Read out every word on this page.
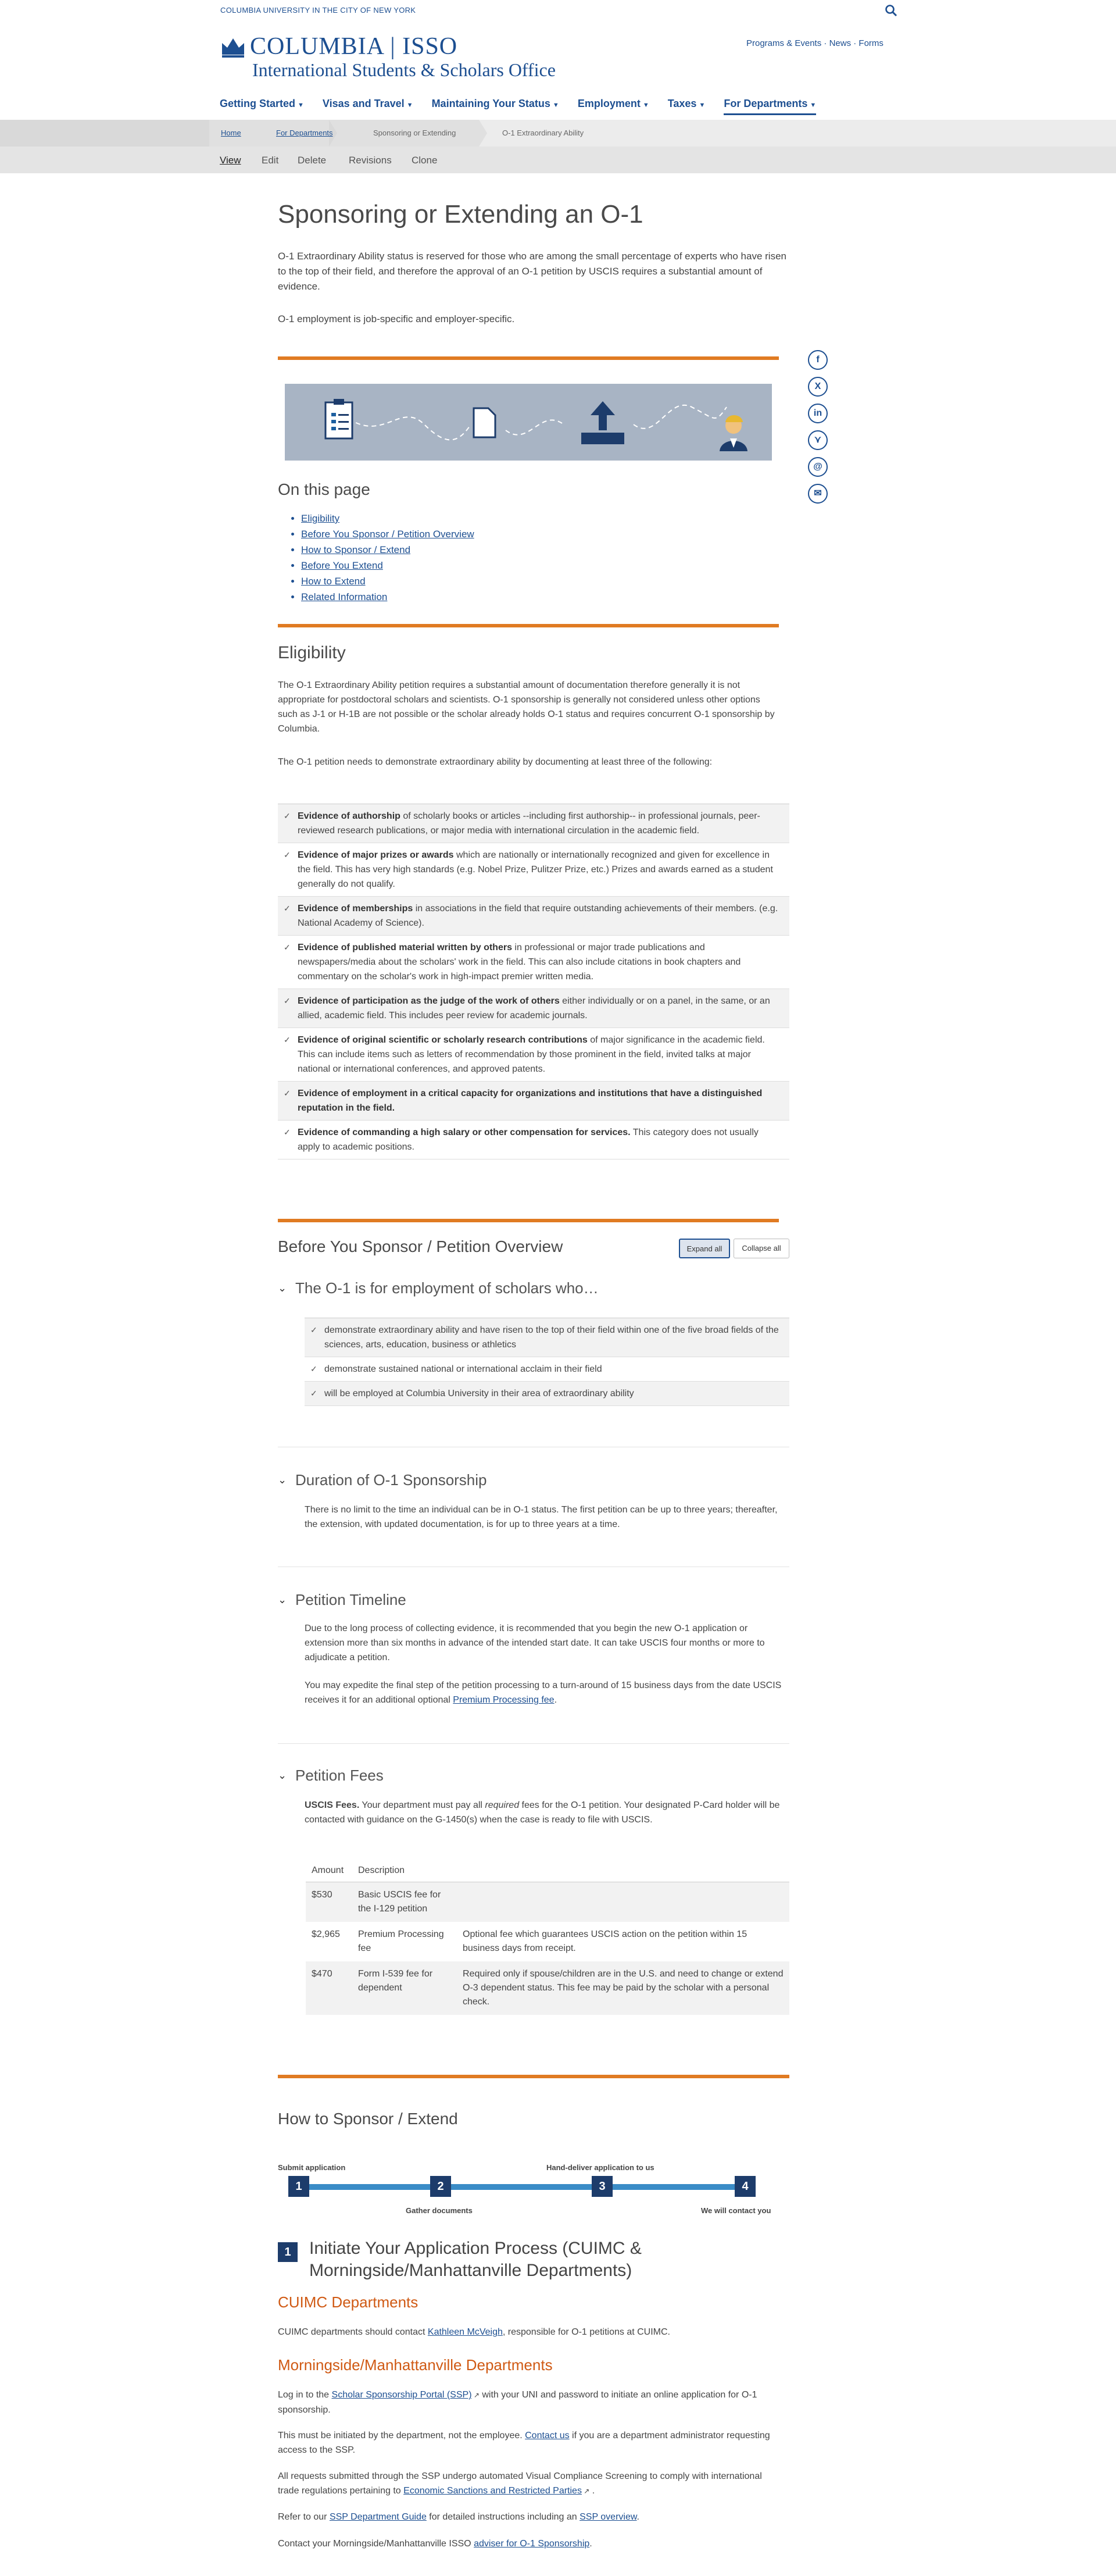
COLUMBIA UNIVERSITY IN THE CITY OF NEW YORK
COLUMBIA | ISSO
International Students & Scholars Office
Programs & Events · News · Forms
Getting Started ▼ Visas and Travel ▼ Maintaining Your Status ▼ Employment ▼ Taxes ▼ For Departments ▼
Home	For Departments	Sponsoring or Extending	O-1 Extraordinary Ability
View Edit Delete Revisions Clone
f
X
in
⋎
@
✉
Sponsoring or Extending an O-1

O-1 Extraordinary Ability status is reserved for those who are among the small percentage of experts who have risen to the top of their field, and therefore the approval of an O-1 petition by USCIS requires a substantial amount of evidence.

O-1 employment is job-specific and employer-specific.

On this page
• Eligibility
• Before You Sponsor / Petition Overview
• How to Sponsor / Extend
• Before You Extend
• How to Extend
• Related Information
Eligibility

The O-1 Extraordinary Ability petition requires a substantial amount of documentation therefore generally it is not appropriate for postdoctoral scholars and scientists. O-1 sponsorship is generally not considered unless other options such as J-1 or H-1B are not possible or the scholar already holds O-1 status and requires concurrent O-1 sponsorship by Columbia.

The O-1 petition needs to demonstrate extraordinary ability by documenting at least three of the following:

✓ Evidence of authorship of scholarly books or articles --including first authorship-- in professional journals, peer-reviewed research publications, or major media with international circulation in the academic field.
✓ Evidence of major prizes or awards which are nationally or internationally recognized and given for excellence in the field. This has very high standards (e.g. Nobel Prize, Pulitzer Prize, etc.) Prizes and awards earned as a student generally do not qualify.
✓ Evidence of memberships in associations in the field that require outstanding achievements of their members. (e.g. National Academy of Science).
✓ Evidence of published material written by others in professional or major trade publications and newspapers/media about the scholars' work in the field. This can also include citations in book chapters and commentary on the scholar's work in high-impact premier written media.
✓ Evidence of participation as the judge of the work of others either individually or on a panel, in the same, or an allied, academic field. This includes peer review for academic journals.
✓ Evidence of original scientific or scholarly research contributions of major significance in the academic field. This can include items such as letters of recommendation by those prominent in the field, invited talks at major national or international conferences, and approved patents.
✓ Evidence of employment in a critical capacity for organizations and institutions that have a distinguished reputation in the field.
✓ Evidence of commanding a high salary or other compensation for services. This category does not usually apply to academic positions.
Before You Sponsor / Petition Overview	Expand all	Collapse all
⌄ The O-1 is for employment of scholars who…
✓ demonstrate extraordinary ability and have risen to the top of their field within one of the five broad fields of the sciences, arts, education, business or athletics
✓ demonstrate sustained national or international acclaim in their field
✓ will be employed at Columbia University in their area of extraordinary ability
⌄ Duration of O-1 Sponsorship

There is no limit to the time an individual can be in O-1 status. The first petition can be up to three years; thereafter, the extension, with updated documentation, is for up to three years at a time.

⌄ Petition Timeline

Due to the long process of collecting evidence, it is recommended that you begin the new O-1 application or extension more than six months in advance of the intended start date. It can take USCIS four months or more to adjudicate a petition.

You may expedite the final step of the petition processing to a turn-around of 15 business days from the date USCIS receives it for an additional optional Premium Processing fee.

⌄ Petition Fees

USCIS Fees. Your department must pay all required fees for the O-1 petition. Your designated P-Card holder will be contacted with guidance on the G-1450(s) when the case is ready to file with USCIS.

Amount	Description	
$530	Basic USCIS fee for the I-129 petition	
$2,965	Premium Processing fee	Optional fee which guarantees USCIS action on the petition within 15 business days from receipt.
$470	Form I-539 fee for dependent	Required only if spouse/children are in the U.S. and need to change or extend O-3 dependent status. This fee may be paid by the scholar with a personal check.
How to Sponsor / Extend
Submit application
1	2
Gather documents
Hand-deliver application to us
3	4
We will contact you
1	Initiate Your Application Process (CUIMC & Morningside/Manhattanville Departments)
CUIMC Departments

CUIMC departments should contact Kathleen McVeigh, responsible for O-1 petitions at CUIMC.

Morningside/Manhattanville Departments

Log in to the Scholar Sponsorship Portal (SSP) ↗ with your UNI and password to initiate an online application for O-1 sponsorship.

This must be initiated by the department, not the employee. Contact us if you are a department administrator requesting access to the SSP.

All requests submitted through the SSP undergo automated Visual Compliance Screening to comply with international trade regulations pertaining to Economic Sanctions and Restricted Parties ↗ .

Refer to our SSP Department Guide for detailed instructions including an SSP overview.

Contact your Morningside/Manhattanville ISSO adviser for O-1 Sponsorship.
